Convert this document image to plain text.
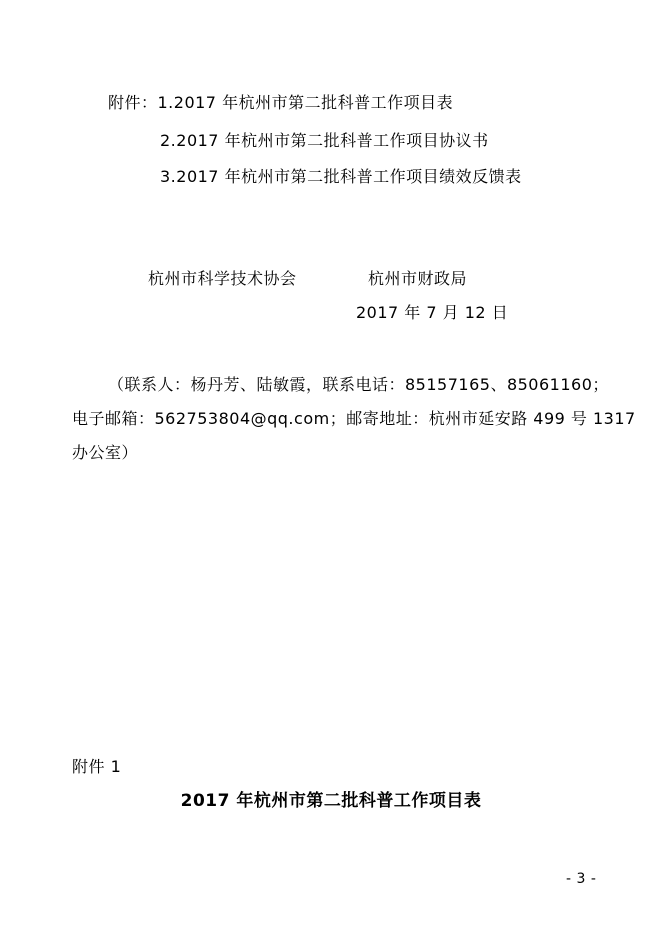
附件：1.2017 年杭州市第二批科普工作项目表
2.2017 年杭州市第二批科普工作项目协议书
3.2017 年杭州市第二批科普工作项目绩效反馈表
杭州市科学技术协会	杭州市财政局
2017 年 7 月 12 日
（联系人：杨丹芳、陆敏霞，联系电话：85157165、85061160；
电子邮箱：562753804@qq.com；邮寄地址：杭州市延安路 499 号 1317
办公室）
附件 1
2017 年杭州市第二批科普工作项目表
- 3 -
